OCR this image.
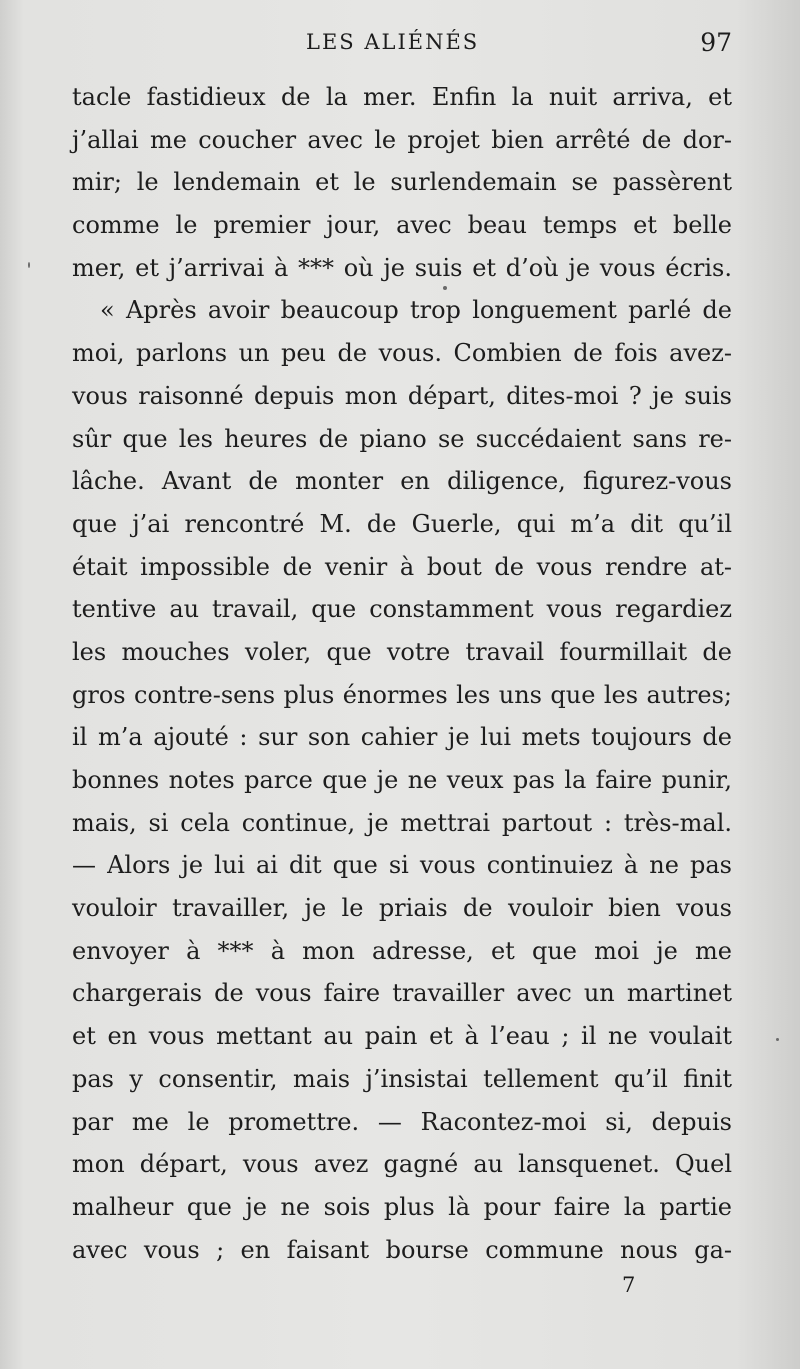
LES ALIÉNÉS	97
tacle fastidieux de la mer. Enfin la nuit arriva, et
j’allai me coucher avec le projet bien arrêté de dor-
mir; le lendemain et le surlendemain se passèrent
comme le premier jour, avec beau temps et belle
mer, et j’arrivai à *** où je suis et d’où je vous écris.
« Après avoir beaucoup trop longuement parlé de
moi, parlons un peu de vous. Combien de fois avez-
vous raisonné depuis mon départ, dites-moi ? je suis
sûr que les heures de piano se succédaient sans re-
lâche. Avant de monter en diligence, figurez-vous
que j’ai rencontré M. de Guerle, qui m’a dit qu’il
était impossible de venir à bout de vous rendre at-
tentive au travail, que constamment vous regardiez
les mouches voler, que votre travail fourmillait de
gros contre-sens plus énormes les uns que les autres;
il m’a ajouté : sur son cahier je lui mets toujours de
bonnes notes parce que je ne veux pas la faire punir,
mais, si cela continue, je mettrai partout : très-mal.
— Alors je lui ai dit que si vous continuiez à ne pas
vouloir travailler, je le priais de vouloir bien vous
envoyer à *** à mon adresse, et que moi je me
chargerais de vous faire travailler avec un martinet
et en vous mettant au pain et à l’eau ; il ne voulait
pas y consentir, mais j’insistai tellement qu’il finit
par me le promettre. — Racontez-moi si, depuis
mon départ, vous avez gagné au lansquenet. Quel
malheur que je ne sois plus là pour faire la partie
avec vous ; en faisant bourse commune nous ga-
7
